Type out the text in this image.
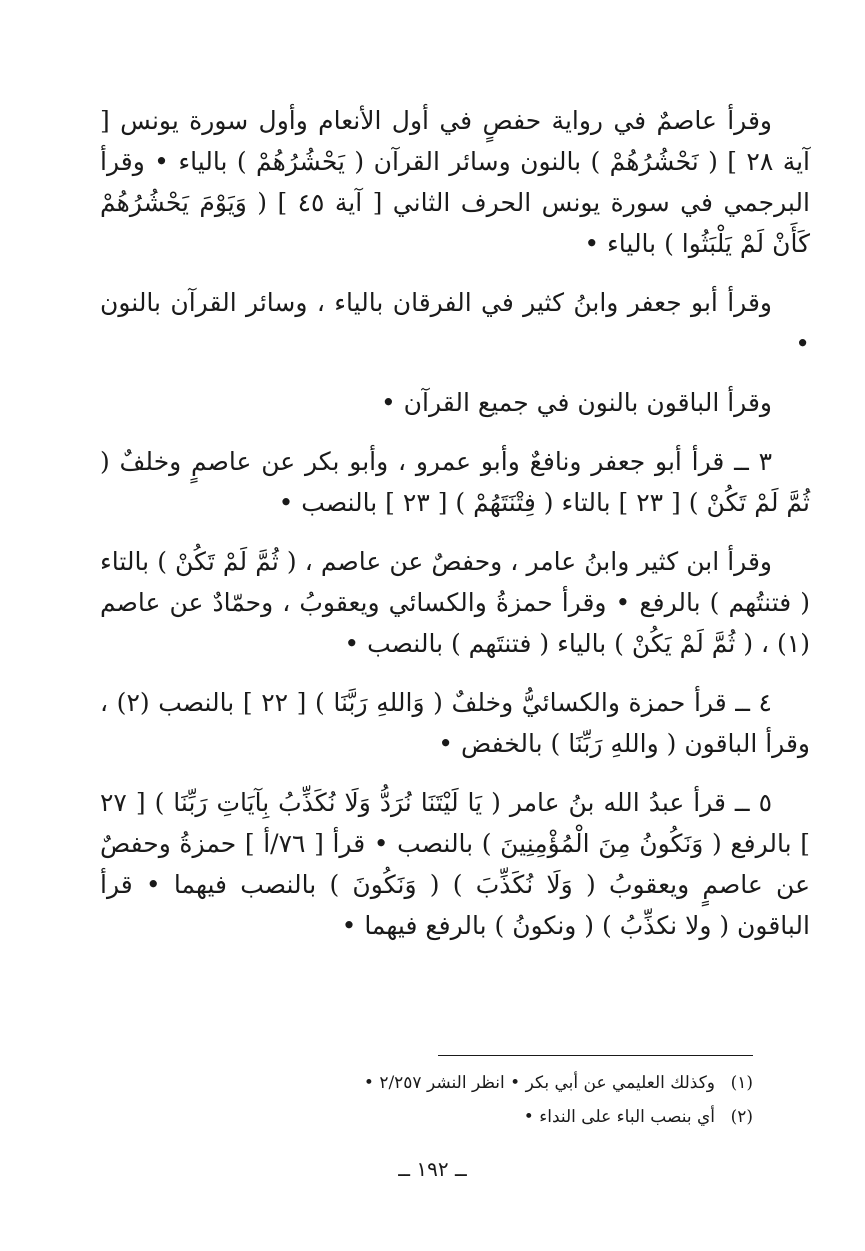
وقرأ عاصمٌ في رواية حفصٍ في أول الأنعام وأول سورة يونس [ آية ٢٨ ] ( نَحْشُرُهُمْ ) بالنون وسائر القرآن ( يَحْشُرُهُمْ ) بالياء • وقرأ البرجمي في سورة يونس الحرف الثاني [ آية ٤٥ ] ( وَيَوْمَ يَحْشُرُهُمْ كَأَنْ لَمْ يَلْبَثُوا ) بالياء •

وقرأ أبو جعفر وابنُ كثير في الفرقان بالياء ، وسائر القرآن بالنون •

وقرأ الباقون بالنون في جميع القرآن •

٣ ــ قرأ أبو جعفر ونافعٌ وأبو عمرو ، وأبو بكر عن عاصمٍ وخلفٌ ( ثُمَّ لَمْ تَكُنْ ) [ ٢٣ ] بالتاء ( فِتْنَتَهُمْ ) [ ٢٣ ] بالنصب •

وقرأ ابن كثير وابنُ عامر ، وحفصٌ عن عاصم ، ( ثُمَّ لَمْ تَكُنْ ) بالتاء ( فتنتُهم ) بالرفع • وقرأ حمزةُ والكسائي ويعقوبُ ، وحمّادٌ عن عاصم (١) ، ( ثُمَّ لَمْ يَكُنْ ) بالياء ( فتنتَهم ) بالنصب •

٤ ــ قرأ حمزة والكسائيُّ وخلفٌ ( وَاللهِ رَبَّنَا ) [ ٢٢ ] بالنصب (٢) ، وقرأ الباقون ( واللهِ رَبِّنَا ) بالخفض •

٥ ــ قرأ عبدُ الله بنُ عامر ( يَا لَيْتَنَا نُرَدُّ وَلَا نُكَذِّبُ بِآيَاتِ رَبِّنَا ) [ ٢٧ ] بالرفع ( وَنَكُونُ مِنَ الْمُؤْمِنِينَ ) بالنصب • قرأ [ ٧٦/أ ] حمزةُ وحفصٌ عن عاصمٍ ويعقوبُ ( وَلَا نُكَذِّبَ ) ( وَنَكُونَ ) بالنصب فيهما • قرأ الباقون ( ولا نكذِّبُ ) ( ونكونُ ) بالرفع فيهما •

(١)وكذلك العليمي عن أبي بكر • انظر النشر ٢/٢٥٧ •

(٢)أي بنصب الباء على النداء •

ــ ١٩٢ ــ
